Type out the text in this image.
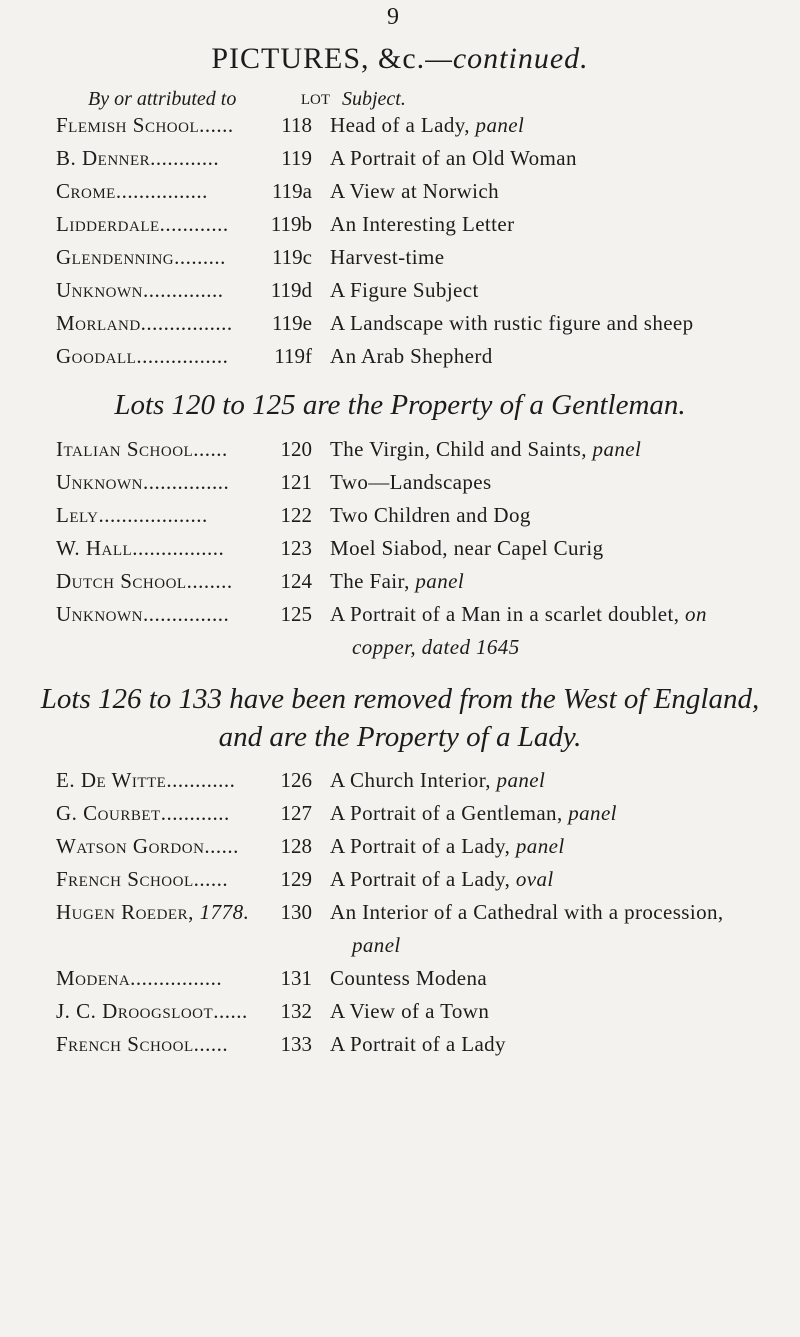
9
PICTURES, &c.—continued.
By or attributed to	LOT Subject.
Flemish School......	118 Head of a Lady, panel
B. Denner............	119 A Portrait of an Old Woman
Crome................	119a A View at Norwich
Lidderdale............	119b An Interesting Letter
Glendenning.........	119c Harvest-time
Unknown..............	119d A Figure Subject
Morland................	119e A Landscape with rustic figure and sheep
Goodall................	119f An Arab Shepherd
Lots 120 to 125 are the Property of a Gentleman.
Italian School......	120 The Virgin, Child and Saints, panel
Unknown...............	121 Two—Landscapes
Lely...................	122 Two Children and Dog
W. Hall................	123 Moel Siabod, near Capel Curig
Dutch School........	124 The Fair, panel
Unknown...............	125 A Portrait of a Man in a scarlet doublet, on
copper, dated 1645
Lots 126 to 133 have been removed from the West of England,
and are the Property of a Lady.
E. De Witte............	126 A Church Interior, panel
G. Courbet............	127 A Portrait of a Gentleman, panel
Watson Gordon......	128 A Portrait of a Lady, panel
French School......	129 A Portrait of a Lady, oval
Hugen Roeder, 1778.	130 An Interior of a Cathedral with a procession,
panel
Modena................	131 Countess Modena
J. C. Droogsloot......	132 A View of a Town
French School......	133 A Portrait of a Lady
